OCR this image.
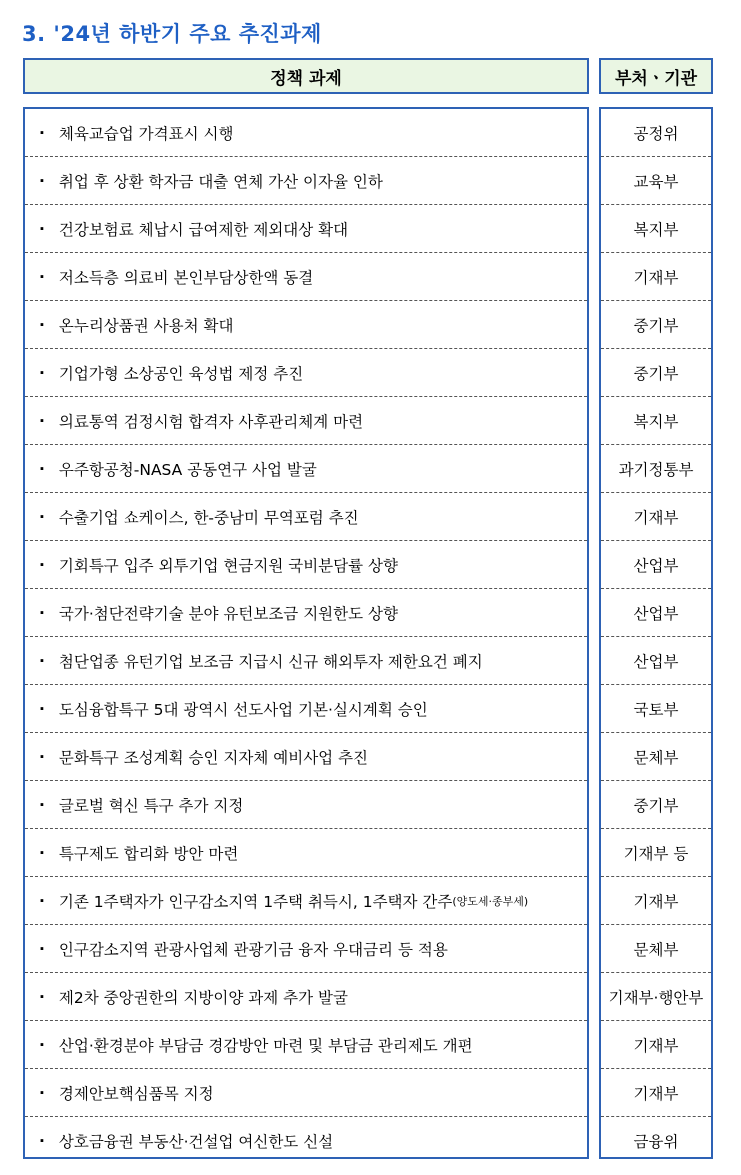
3. '24년 하반기 주요 추진과제
정책 과제	부처ㆍ기관
· 체육교습업 가격표시 시행
· 취업 후 상환 학자금 대출 연체 가산 이자율 인하
· 건강보험료 체납시 급여제한 제외대상 확대
· 저소득층 의료비 본인부담상한액 동결
· 온누리상품권 사용처 확대
· 기업가형 소상공인 육성법 제정 추진
· 의료통역 검정시험 합격자 사후관리체계 마련
· 우주항공청-NASA 공동연구 사업 발굴
· 수출기업 쇼케이스, 한-중남미 무역포럼 추진
· 기회특구 입주 외투기업 현금지원 국비분담률 상향
· 국가·첨단전략기술 분야 유턴보조금 지원한도 상향
· 첨단업종 유턴기업 보조금 지급시 신규 해외투자 제한요건 폐지
· 도심융합특구 5대 광역시 선도사업 기본·실시계획 승인
· 문화특구 조성계획 승인 지자체 예비사업 추진
· 글로벌 혁신 특구 추가 지정
· 특구제도 합리화 방안 마련
· 기존 1주택자가 인구감소지역 1주택 취득시, 1주택자 간주 (양도세·종부세)
· 인구감소지역 관광사업체 관광기금 융자 우대금리 등 적용
· 제2차 중앙권한의 지방이양 과제 추가 발굴
· 산업·환경분야 부담금 경감방안 마련 및 부담금 관리제도 개편
· 경제안보핵심품목 지정
· 상호금융권 부동산·건설업 여신한도 신설
공정위
교육부
복지부
기재부
중기부
중기부
복지부
과기정통부
기재부
산업부
산업부
산업부
국토부
문체부
중기부
기재부 등
기재부
문체부
기재부·행안부
기재부
기재부
금융위
